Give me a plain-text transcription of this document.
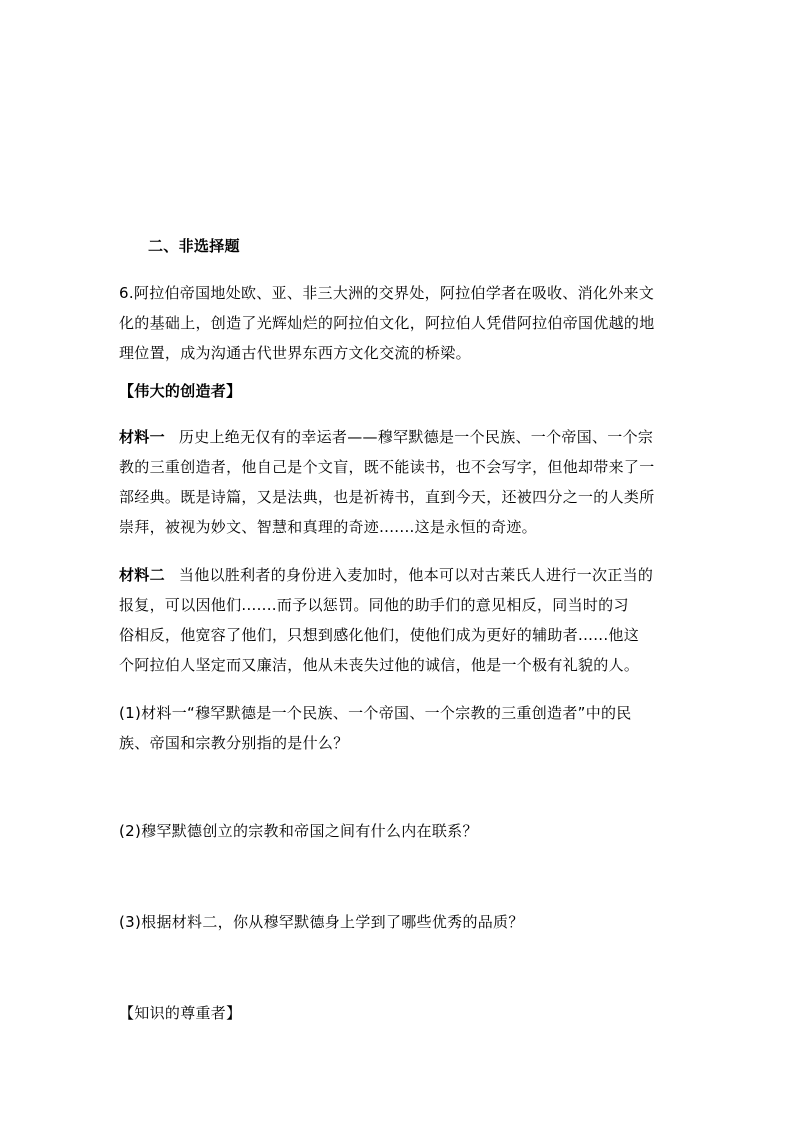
二、非选择题
6.阿拉伯帝国地处欧、亚、非三大洲的交界处，阿拉伯学者在吸收、消化外来文
化的基础上，创造了光辉灿烂的阿拉伯文化，阿拉伯人凭借阿拉伯帝国优越的地
理位置，成为沟通古代世界东西方文化交流的桥梁。
【伟大的创造者】
材料一 历史上绝无仅有的幸运者——穆罕默德是一个民族、一个帝国、一个宗
教的三重创造者，他自己是个文盲，既不能读书，也不会写字，但他却带来了一
部经典。既是诗篇，又是法典，也是祈祷书，直到今天，还被四分之一的人类所
崇拜，被视为妙文、智慧和真理的奇迹.......这是永恒的奇迹。
材料二 当他以胜利者的身份进入麦加时，他本可以对古莱氏人进行一次正当的
报复，可以因他们.......而予以惩罚。同他的助手们的意见相反，同当时的习
俗相反，他宽容了他们，只想到感化他们，使他们成为更好的辅助者......他这
个阿拉伯人坚定而又廉洁，他从未丧失过他的诚信，他是一个极有礼貌的人。
(1)材料一“穆罕默德是一个民族、一个帝国、一个宗教的三重创造者”中的民
族、帝国和宗教分别指的是什么？
(2)穆罕默德创立的宗教和帝国之间有什么内在联系？
(3)根据材料二，你从穆罕默德身上学到了哪些优秀的品质？
【知识的尊重者】
